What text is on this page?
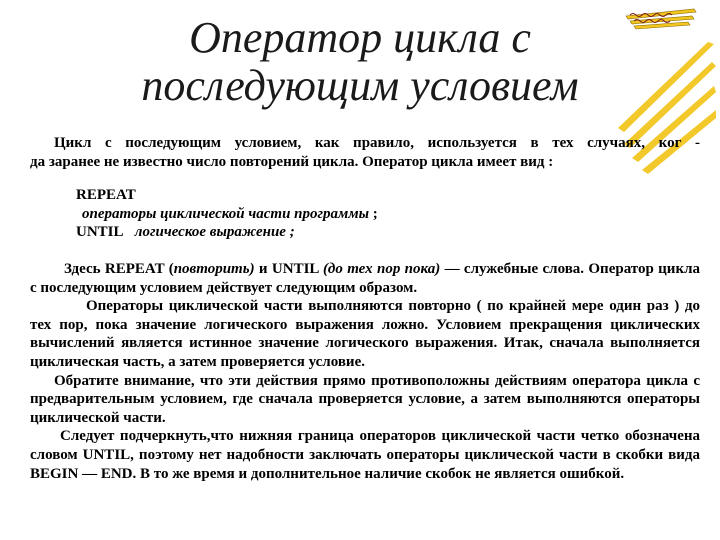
Оператор цикла с
последующим условием
Цикл с последующим условием, как правило, используется в тех случаях, ког -
да заранее не известно число повторений цикла. Оператор цикла имеет вид :
REPEAT
операторы циклической части программы ;
UNTIL логическое выражение ;

Здесь REPEAT (повторить) и UNTIL (до тех пор пока) — служебные слова. Оператор цикла с последующим условием действует следующим образом.

Операторы циклической части выполняются повторно ( по крайней мере один раз ) до тех пор, пока значение логического выражения ложно. Условием прекращения циклических вычислений является истинное значение логического выражения. Итак, сначала выполняется циклическая часть, а затем проверяется условие.

Обратите внимание, что эти действия прямо противоположны действиям оператора цикла с предварительным условием, где сначала проверяется условие, а затем выполняются операторы циклической части.

Следует подчеркнуть,что нижняя граница операторов циклической части четко обозначена словом UNTIL, поэтому нет надобности заключать операторы циклической части в скобки вида BEGIN — END. В то же время и дополнительное наличие скобок не является ошибкой.
